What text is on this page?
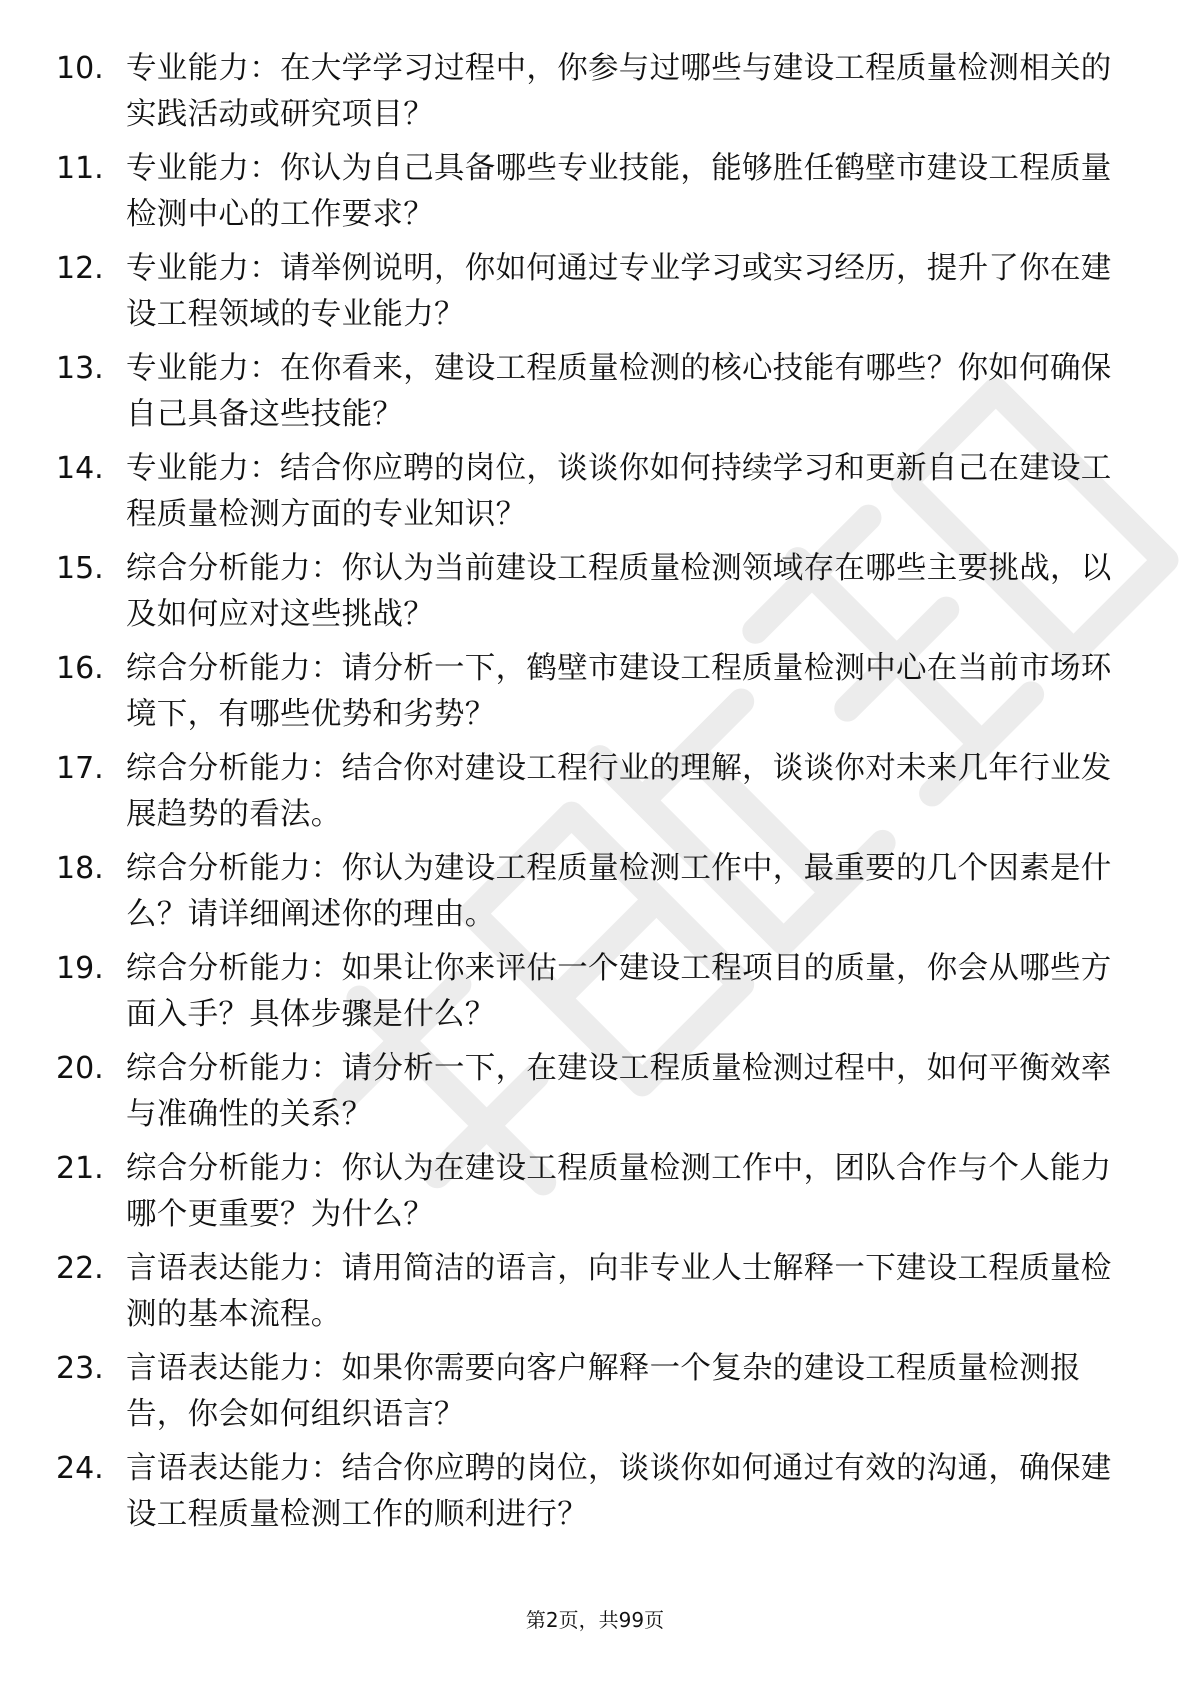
10. 专业能力：在大学学习过程中，你参与过哪些与建设工程质量检测相关的实践活动或研究项目？
11. 专业能力：你认为自己具备哪些专业技能，能够胜任鹤壁市建设工程质量检测中心的工作要求？
12. 专业能力：请举例说明，你如何通过专业学习或实习经历，提升了你在建设工程领域的专业能力？
13. 专业能力：在你看来，建设工程质量检测的核心技能有哪些？你如何确保自己具备这些技能？
14. 专业能力：结合你应聘的岗位，谈谈你如何持续学习和更新自己在建设工程质量检测方面的专业知识？
15. 综合分析能力：你认为当前建设工程质量检测领域存在哪些主要挑战，以及如何应对这些挑战？
16. 综合分析能力：请分析一下，鹤壁市建设工程质量检测中心在当前市场环境下，有哪些优势和劣势？
17. 综合分析能力：结合你对建设工程行业的理解，谈谈你对未来几年行业发展趋势的看法。
18. 综合分析能力：你认为建设工程质量检测工作中，最重要的几个因素是什么？请详细阐述你的理由。
19. 综合分析能力：如果让你来评估一个建设工程项目的质量，你会从哪些方面入手？具体步骤是什么？
20. 综合分析能力：请分析一下，在建设工程质量检测过程中，如何平衡效率与准确性的关系？
21. 综合分析能力：你认为在建设工程质量检测工作中，团队合作与个人能力哪个更重要？为什么？
22. 言语表达能力：请用简洁的语言，向非专业人士解释一下建设工程质量检测的基本流程。
23. 言语表达能力：如果你需要向客户解释一个复杂的建设工程质量检测报告，你会如何组织语言？
24. 言语表达能力：结合你应聘的岗位，谈谈你如何通过有效的沟通，确保建设工程质量检测工作的顺利进行？
第2页，共99页
